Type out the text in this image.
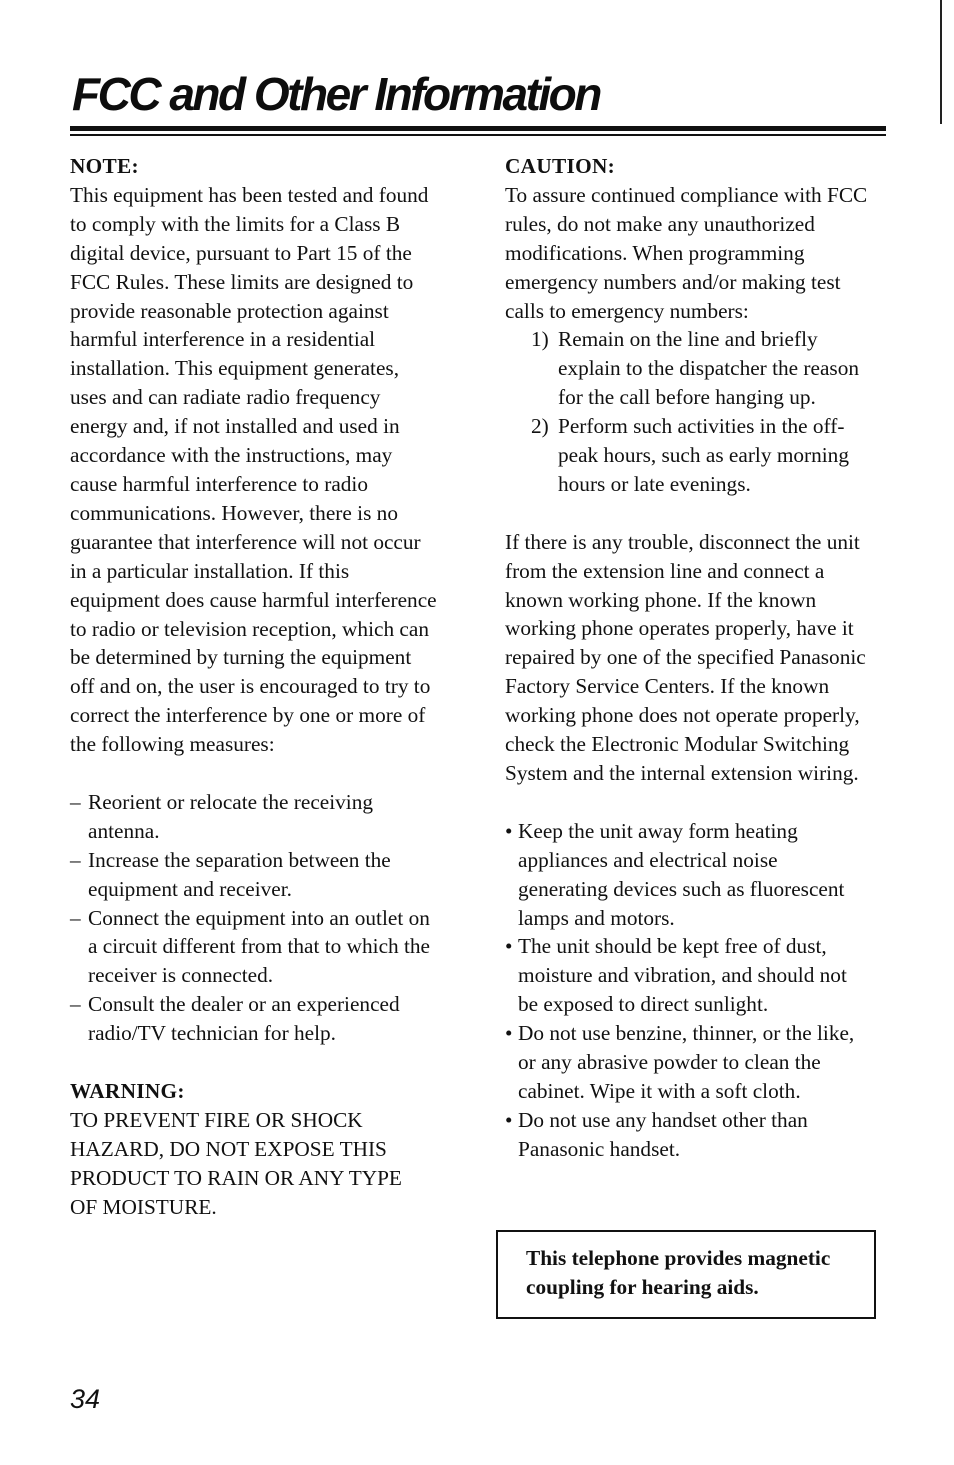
FCC and Other Information
NOTE:
This equipment has been tested and found
to comply with the limits for a Class B
digital device, pursuant to Part 15 of the
FCC Rules. These limits are designed to
provide reasonable protection against
harmful interference in a residential
installation. This equipment generates,
uses and can radiate radio frequency
energy and, if not installed and used in
accordance with the instructions, may
cause harmful interference to radio
communications. However, there is no
guarantee that interference will not occur
in a particular installation. If this
equipment does cause harmful interference
to radio or television reception, which can
be determined by turning the equipment
off and on, the user is encouraged to try to
correct the interference by one or more of
the following measures:
– Reorient or relocate the receiving
antenna.
– Increase the separation between the
equipment and receiver.
– Connect the equipment into an outlet on
a circuit different from that to which the
receiver is connected.
– Consult the dealer or an experienced
radio/TV technician for help.
WARNING:
TO PREVENT FIRE OR SHOCK
HAZARD, DO NOT EXPOSE THIS
PRODUCT TO RAIN OR ANY TYPE
OF MOISTURE.
CAUTION:
To assure continued compliance with FCC
rules, do not make any unauthorized
modifications. When programming
emergency numbers and/or making test
calls to emergency numbers:
1) Remain on the line and briefly
explain to the dispatcher the reason
for the call before hanging up.
2) Perform such activities in the off-
peak hours, such as early morning
hours or late evenings.
If there is any trouble, disconnect the unit
from the extension line and connect a
known working phone. If the known
working phone operates properly, have it
repaired by one of the specified Panasonic
Factory Service Centers. If the known
working phone does not operate properly,
check the Electronic Modular Switching
System and the internal extension wiring.
• Keep the unit away form heating
appliances and electrical noise
generating devices such as fluorescent
lamps and motors.
• The unit should be kept free of dust,
moisture and vibration, and should not
be exposed to direct sunlight.
• Do not use benzine, thinner, or the like,
or any abrasive powder to clean the
cabinet. Wipe it with a soft cloth.
• Do not use any handset other than
Panasonic handset.
This telephone provides magnetic
coupling for hearing aids.
34
